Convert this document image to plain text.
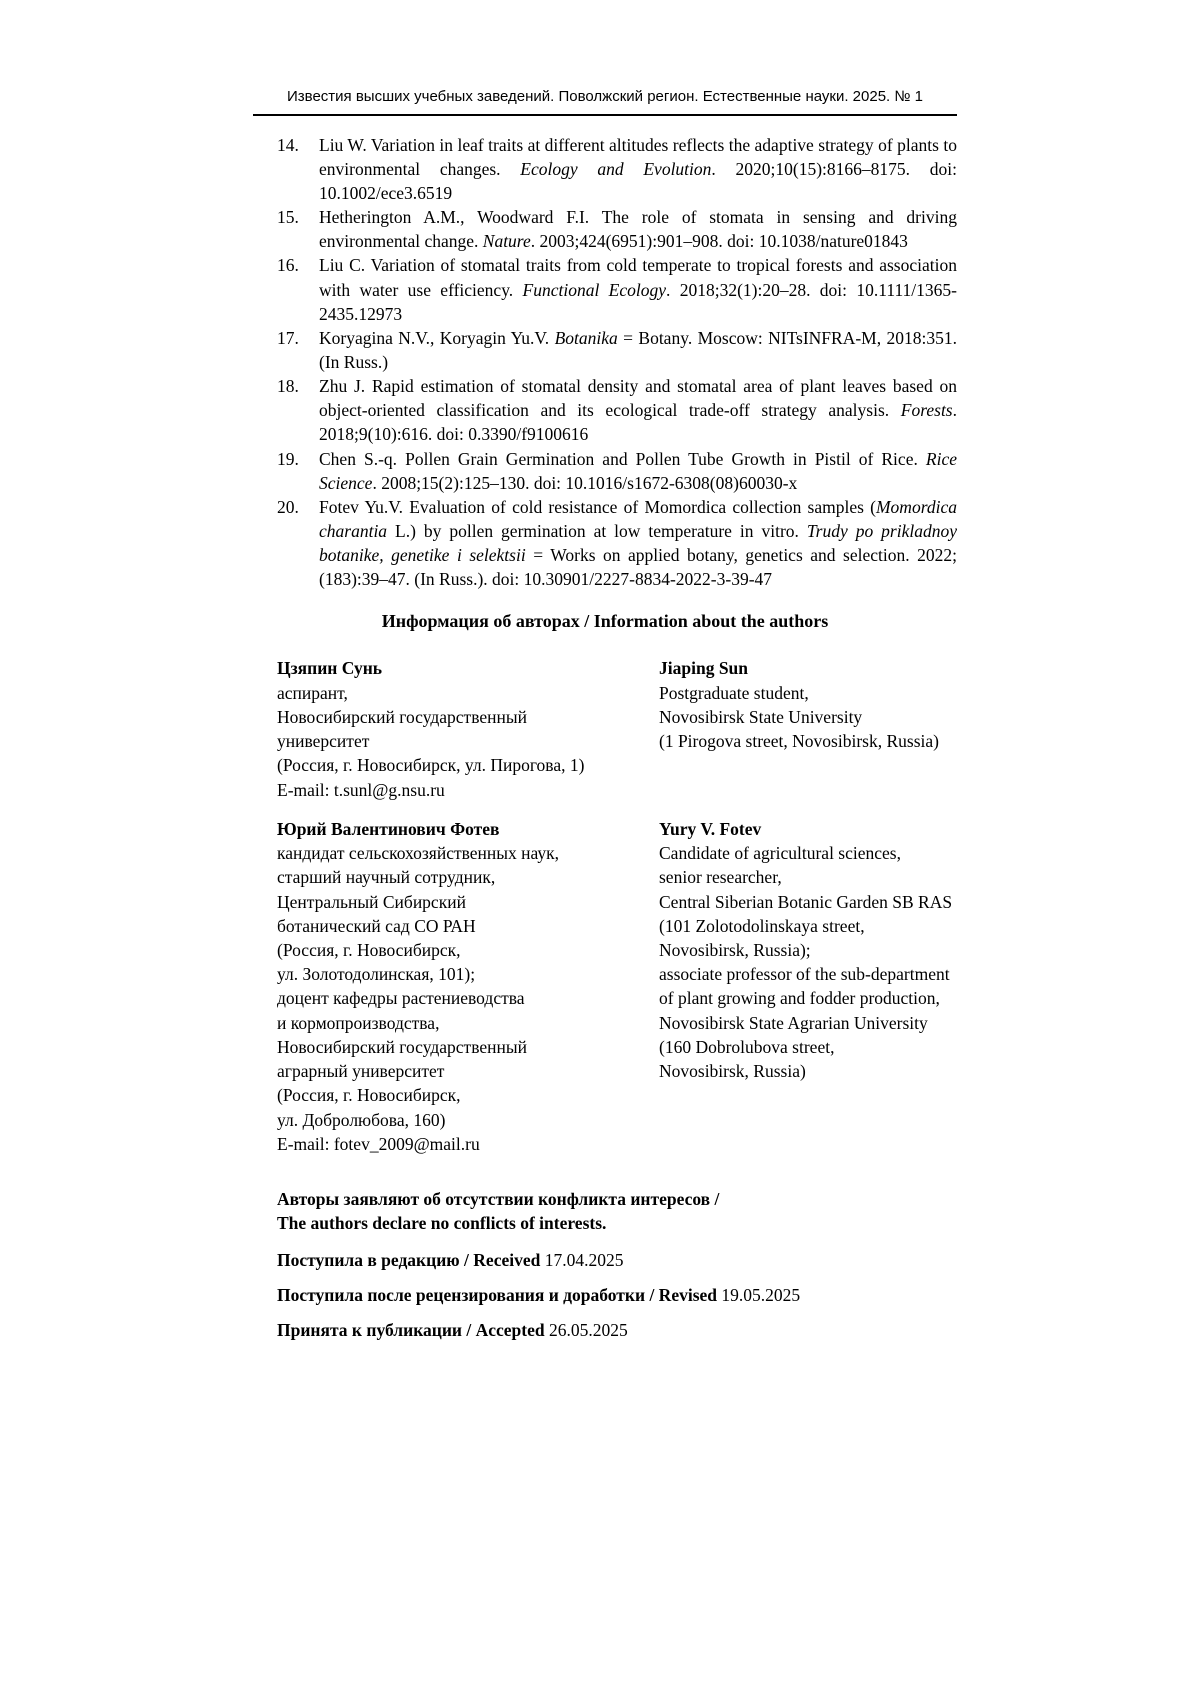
Известия высших учебных заведений. Поволжский регион. Естественные науки. 2025. № 1
14.	Liu W. Variation in leaf traits at different altitudes reflects the adaptive strategy of plants to environmental changes. Ecology and Evolution. 2020;10(15):8166–8175. doi: 10.1002/ece3.6519
15.	Hetherington A.M., Woodward F.I. The role of stomata in sensing and driving environmental change. Nature. 2003;424(6951):901–908. doi: 10.1038/nature01843
16.	Liu C. Variation of stomatal traits from cold temperate to tropical forests and association with water use efficiency. Functional Ecology. 2018;32(1):20–28. doi: 10.1111/1365-2435.12973
17.	Koryagina N.V., Koryagin Yu.V. Botanika = Botany. Moscow: NITsINFRA-M, 2018:351. (In Russ.)
18.	Zhu J. Rapid estimation of stomatal density and stomatal area of plant leaves based on object-oriented classification and its ecological trade-off strategy analysis. Forests. 2018;9(10):616. doi: 0.3390/f9100616
19.	Chen S.-q. Pollen Grain Germination and Pollen Tube Growth in Pistil of Rice. Rice Science. 2008;15(2):125–130. doi: 10.1016/s1672-6308(08)60030-x
20.	Fotev Yu.V. Evaluation of cold resistance of Momordica collection samples (Momordica charantia L.) by pollen germination at low temperature in vitro. Trudy po prikladnoy botanike, genetike i selektsii = Works on applied botany, genetics and selection. 2022;(183):39–47. (In Russ.). doi: 10.30901/2227-8834-2022-3-39-47
Информация об авторах / Information about the authors
Цзяпин Сунь
аспирант,
Новосибирский государственный
университет
(Россия, г. Новосибирск, ул. Пирогова, 1)
E-mail: t.sunl@g.nsu.ru
Jiaping Sun
Postgraduate student,
Novosibirsk State University
(1 Pirogova street, Novosibirsk, Russia)
Юрий Валентинович Фотев
кандидат сельскохозяйственных наук,
старший научный сотрудник,
Центральный Сибирский
ботанический сад СО РАН
(Россия, г. Новосибирск,
ул. Золотодолинская, 101);
доцент кафедры растениеводства
и кормопроизводства,
Новосибирский государственный
аграрный университет
(Россия, г. Новосибирск,
ул. Добролюбова, 160)
E-mail: fotev_2009@mail.ru
Yury V. Fotev
Candidate of agricultural sciences,
senior researcher,
Central Siberian Botanic Garden SB RAS
(101 Zolotodolinskaya street,
Novosibirsk, Russia);
associate professor of the sub-department
of plant growing and fodder production,
Novosibirsk State Agrarian University
(160 Dobrolubova street,
Novosibirsk, Russia)
Авторы заявляют об отсутствии конфликта интересов /
The authors declare no conflicts of interests.
Поступила в редакцию / Received 17.04.2025
Поступила после рецензирования и доработки / Revised 19.05.2025
Принята к публикации / Accepted 26.05.2025
